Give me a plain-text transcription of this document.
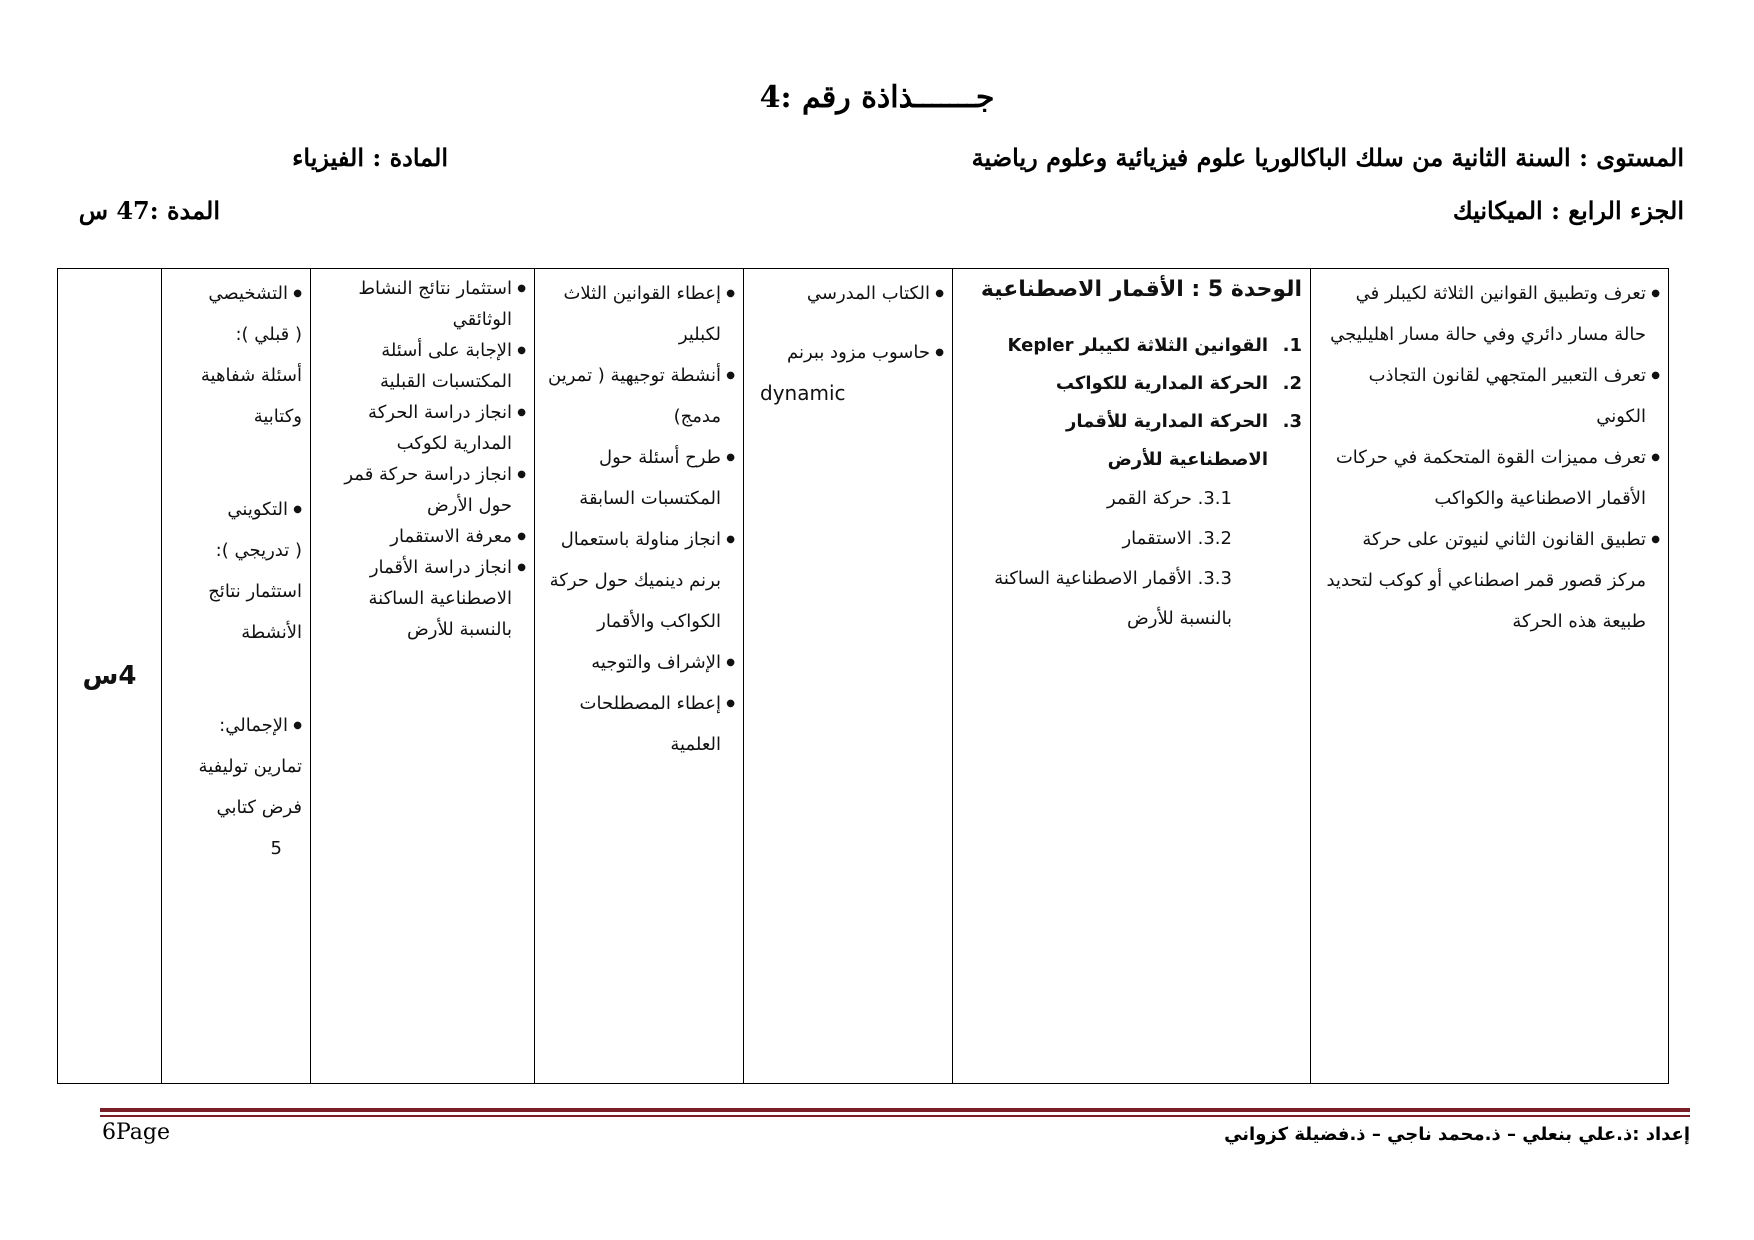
جـــــــذاذة رقم :4
المستوى : السنة الثانية من سلك الباكالوريا علوم فيزيائية وعلوم رياضية
المادة : الفيزياء
الجزء الرابع : الميكانيك
المدة :47 س
● تعرف وتطبيق القوانين الثلاثة لكيبلر في حالة مسار دائري وفي حالة مسار اهليليجي
● تعرف التعبير المتجهي لقانون التجاذب الكوني
● تعرف مميزات القوة المتحكمة في حركات الأقمار الاصطناعية والكواكب
● تطبيق القانون الثاني لنيوتن على حركة مركز قصور قمر اصطناعي أو كوكب لتحديد طبيعة هذه الحركة

الوحدة 5 : الأقمار الاصطناعية
1.القوانين الثلاثة لكيبلر Kepler
2.الحركة المدارية للكواكب
3.الحركة المدارية للأقمار الاصطناعية للأرض
3.1. حركة القمر
3.2. الاستقمار
3.3. الأقمار الاصطناعية الساكنة بالنسبة للأرض

● الكتاب المدرسي
● حاسوب مزود ببرنم
dynamic

● إعطاء القوانين الثلاث لكبلير
● أنشطة توجيهية ( تمرين مدمج)
● طرح أسئلة حول المكتسبات السابقة
● انجاز مناولة باستعمال برنم دينميك حول حركة الكواكب والأقمار
● الإشراف والتوجيه
● إعطاء المصطلحات العلمية

● استثمار نتائج النشاط الوثائقي
● الإجابة على أسئلة المكتسبات القبلية
● انجاز دراسة الحركة المدارية لكوكب
● انجاز دراسة حركة قمر حول الأرض
● معرفة الاستقمار
● انجاز دراسة الأقمار الاصطناعية الساكنة بالنسبة للأرض

● التشخيصي
( قبلي ):
أسئلة شفاهية وكتابية
● التكويني
( تدريجي ):
استثمار نتائج الأنشطة
● الإجمالي:
تمارين توليفية
فرض كتابي
5
	4س
إعداد :ذ.علي بنعلي – ذ.محمد ناجي – ذ.فضيلة كزواني
6Page
